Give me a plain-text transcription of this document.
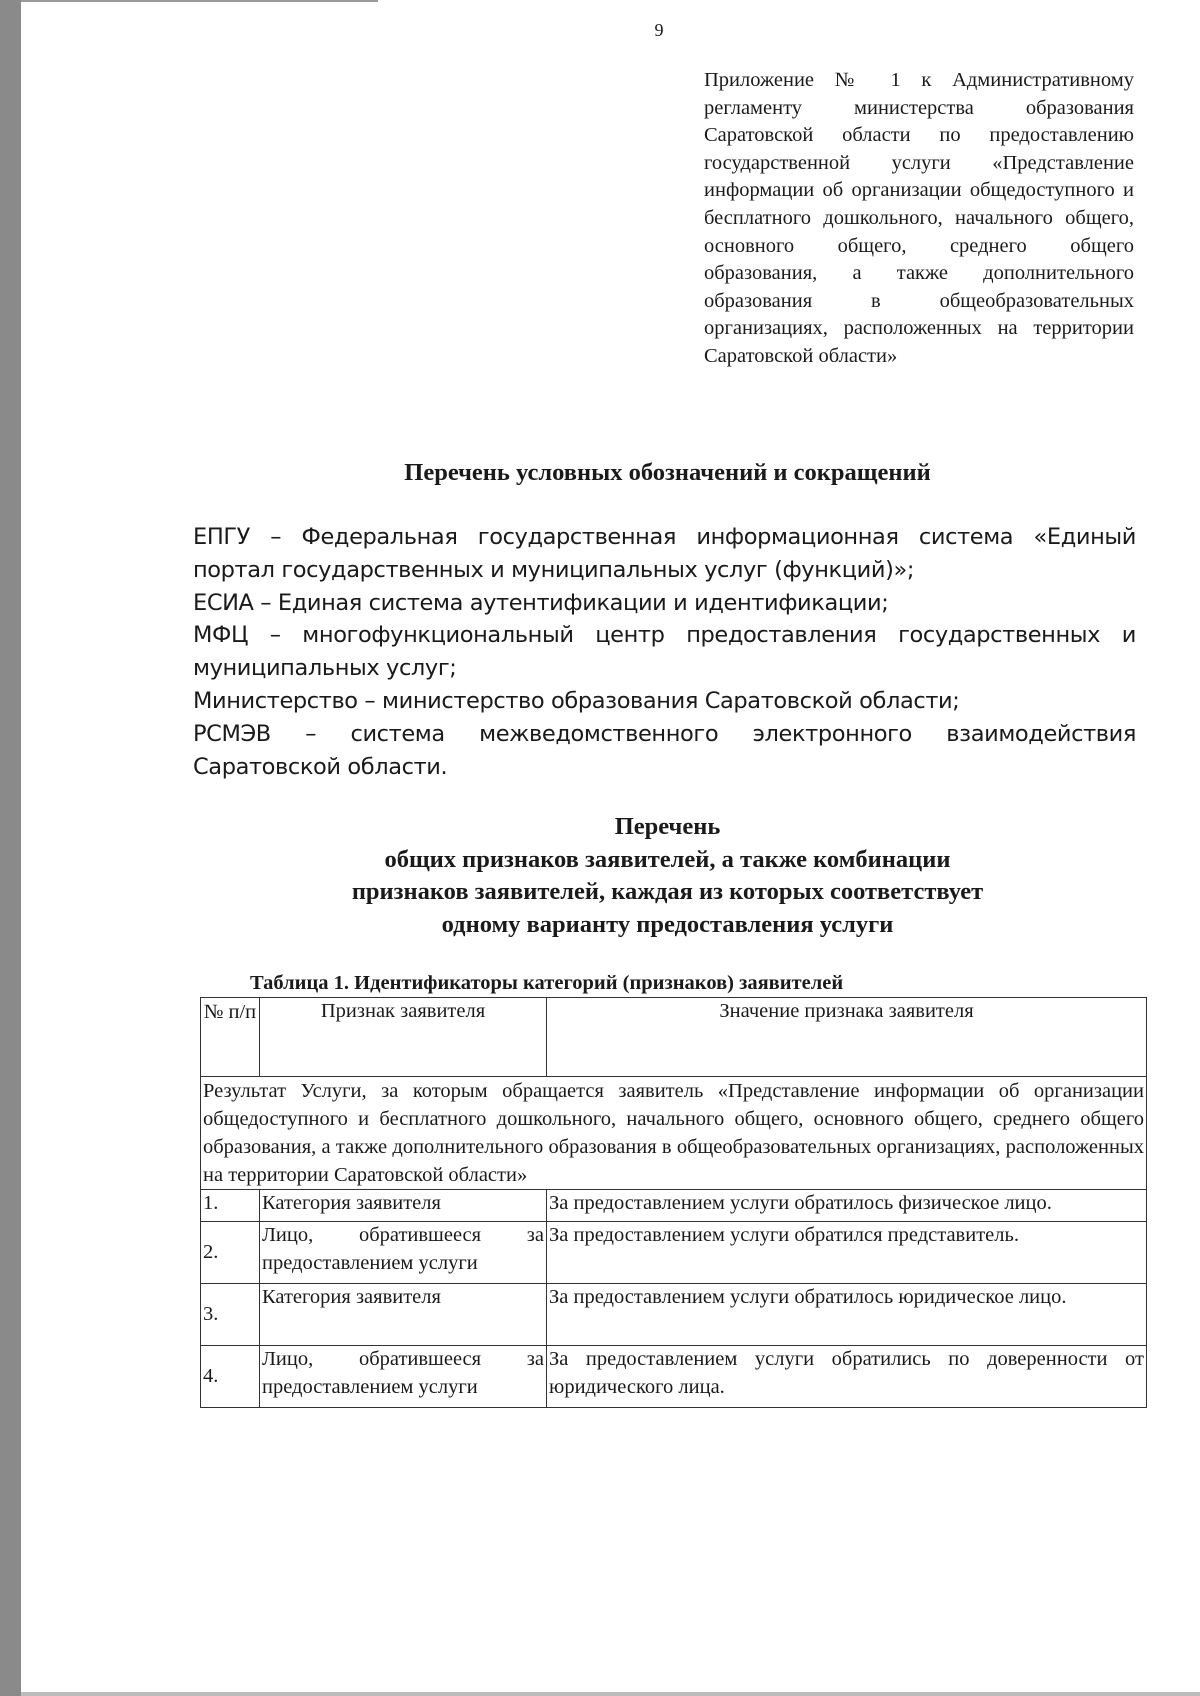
9
Приложение № 1 к Административному регламенту министерства образования Саратовской области по предоставлению государственной услуги «Представление информации об организации общедоступного и бесплатного дошкольного, начального общего, основного общего, среднего общего образования, а также дополнительного образования в общеобразовательных организациях, расположенных на территории Саратовской области»
Перечень условных обозначений и сокращений

ЕПГУ – Федеральная государственная информационная система «Единый портал государственных и муниципальных услуг (функций)»;

ЕСИА – Единая система аутентификации и идентификации;

МФЦ – многофункциональный центр предоставления государственных и муниципальных услуг;

Министерство – министерство образования Саратовской области;

РСМЭВ – система межведомственного электронного взаимодействия Саратовской области.

Перечень
общих признаков заявителей, а также комбинации
признаков заявителей, каждая из которых соответствует
одному варианту предоставления услуги
Таблица 1. Идентификаторы категорий (признаков) заявителей
№ п/п	Признак заявителя	Значение признака заявителя
Результат Услуги, за которым обращается заявитель «Представление информации об организации общедоступного и бесплатного дошкольного, начального общего, основного общего, среднего общего образования, а также дополнительного образования в общеобразовательных организациях, расположенных на территории Саратовской области»		
1.	Категория заявителя	За предоставлением услуги обратилось физическое лицо.
2.	Лицо, обратившееся за предоставлением услуги	За предоставлением услуги обратился представитель.
3.	Категория заявителя	За предоставлением услуги обратилось юридическое лицо.
4.	Лицо, обратившееся за предоставлением услуги	За предоставлением услуги обратились по доверенности от юридического лица.
